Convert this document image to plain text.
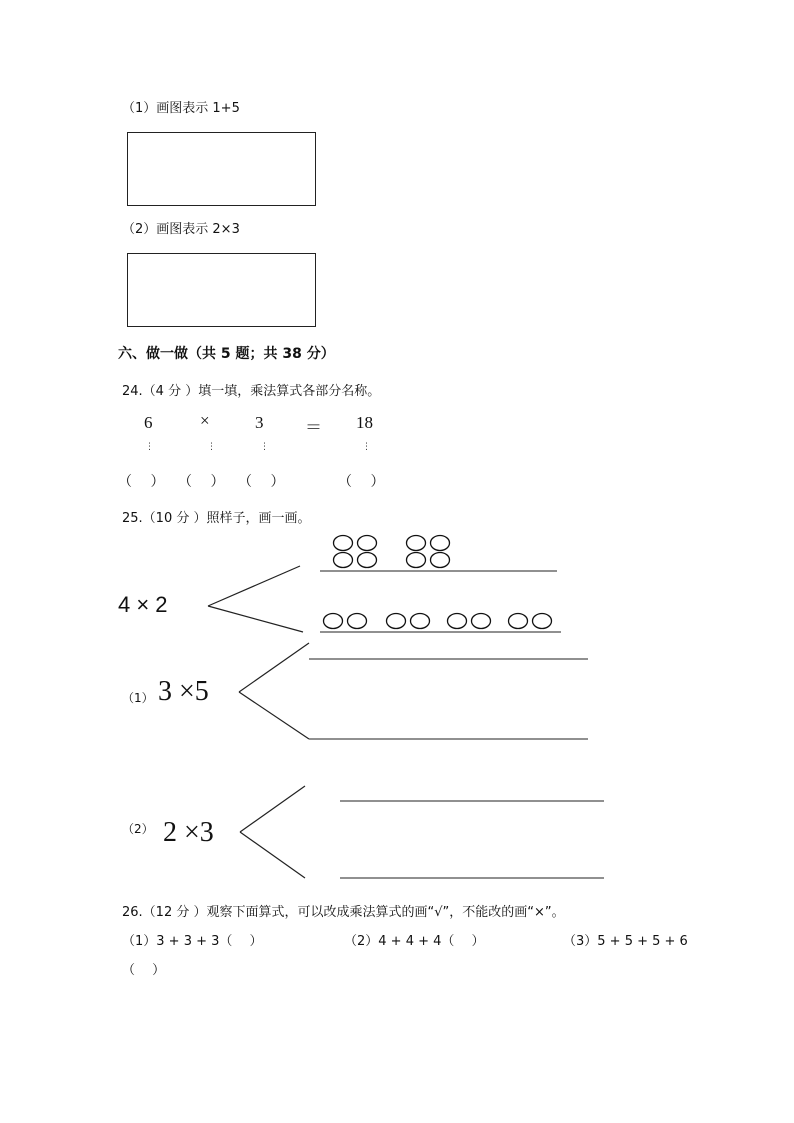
（1）画图表示 1+5
（2）画图表示 2×3
六、做一做（共 5 题；共 38 分）
24.（4 分 ）填一填，乘法算式各部分名称。
6	×	3 ＝ 18
⋮	⋮	⋮	⋮
（　 ） （　 ） （　 ）	（　 ）
25.（10 分 ）照样子，画一画。
4 × 2
（1） 3 ×5
（2） 2 ×3
26.（12 分 ）观察下面算式，可以改成乘法算式的画“√”，不能改的画“×”。
（1）3 + 3 + 3（　 ）	（2）4 + 4 + 4（　 ）	（3）5 + 5 + 5 + 6
（　 ）
